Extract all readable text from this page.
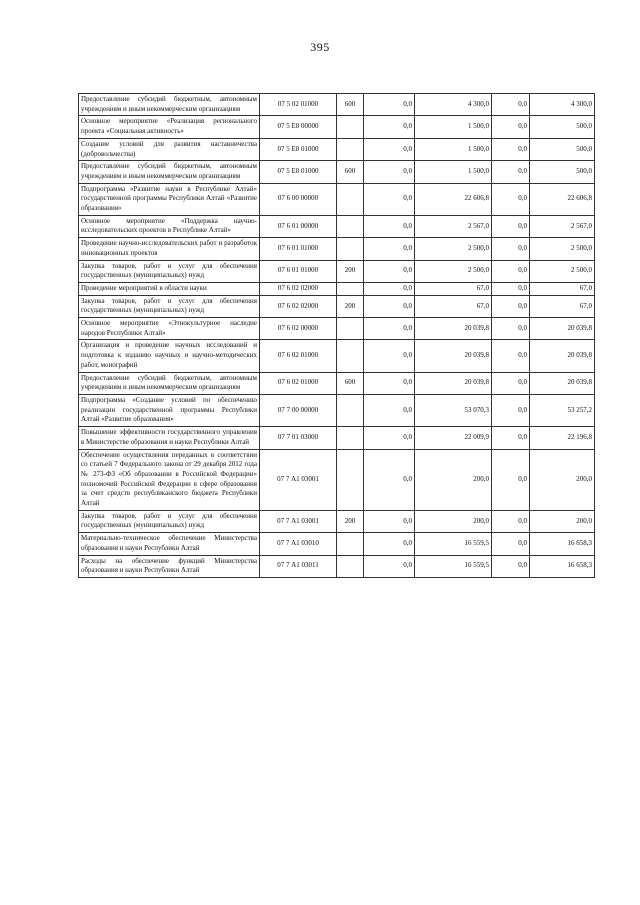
395
Предоставление субсидий бюджетным, автономным учреждениям и иным некоммерческим организациям	07 5 02 01000	600	0,0	4 300,0	0,0	4 300,0
Основное мероприятие «Реализация регионального проекта «Социальная активность»	07 5 E8 00000		0,0	1 500,0	0,0	500,0
Создание условий для развития наставничества (добровольчества)	07 5 E8 01000		0,0	1 500,0	0,0	500,0
Предоставление субсидий бюджетным, автономным учреждениям и иным некоммерческим организациям	07 5 E8 01000	600	0,0	1 500,0	0,0	500,0
Подпрограмма «Развитие науки в Республике Алтай» государственной программы Республики Алтай «Развитие образования»	07 6 00 00000		0,0	22 606,8	0,0	22 606,8
Основное мероприятие «Поддержка научно-исследовательских проектов в Республике Алтай»	07 6 01 00000		0,0	2 567,0	0,0	2 567,0
Проведение научно-исследовательских работ и разработок инновационных проектов	07 6 01 01000		0,0	2 500,0	0,0	2 500,0
Закупка товаров, работ и услуг для обеспечения государственных (муниципальных) нужд	07 6 01 01000	200	0,0	2 500,0	0,0	2 500,0
Проведение мероприятий в области науки	07 6 02 02000		0,0	67,0	0,0	67,0
Закупка товаров, работ и услуг для обеспечения государственных (муниципальных) нужд	07 6 02 02000	200	0,0	67,0	0,0	67,0
Основное мероприятие «Этнокультурное наследие народов Республики Алтай»	07 6 02 00000		0,0	20 039,8	0,0	20 039,8
Организация и проведение научных исследований и подготовка к изданию научных и научно-методических работ, монографий	07 6 02 01000		0,0	20 039,8	0,0	20 039,8
Предоставление субсидий бюджетным, автономным учреждениям и иным некоммерческим организациям	07 6 02 01000	600	0,0	20 039,8	0,0	20 039,8
Подпрограмма «Создание условий по обеспечению реализации государственной программы Республики Алтай «Развитие образования»	07 7 00 00000		0,0	53 070,3	0,0	53 257,2
Повышение эффективности государственного управления в Министерстве образования и науки Республики Алтай	07 7 01 03000		0,0	22 009,9	0,0	22 196,8
Обеспечение осуществления переданных в соответствии со статьей 7 Федерального закона от 29 декабря 2012 года № 273-ФЗ «Об образовании в Российской Федерации» полномочий Российской Федерации в сфере образования за счет средств республиканского бюджета Республики Алтай	07 7 А1 03001		0,0	200,0	0,0	200,0
Закупка товаров, работ и услуг для обеспечения государственных (муниципальных) нужд	07 7 А1 03001	200	0,0	200,0	0,0	200,0
Материально-техническое обеспечение Министерства образования и науки Республики Алтай	07 7 А1 03010		0,0	16 559,5	0,0	16 658,3
Расходы на обеспечение функций Министерства образования и науки Республики Алтай	07 7 А1 03011		0,0	16 559,5	0,0	16 658,3
